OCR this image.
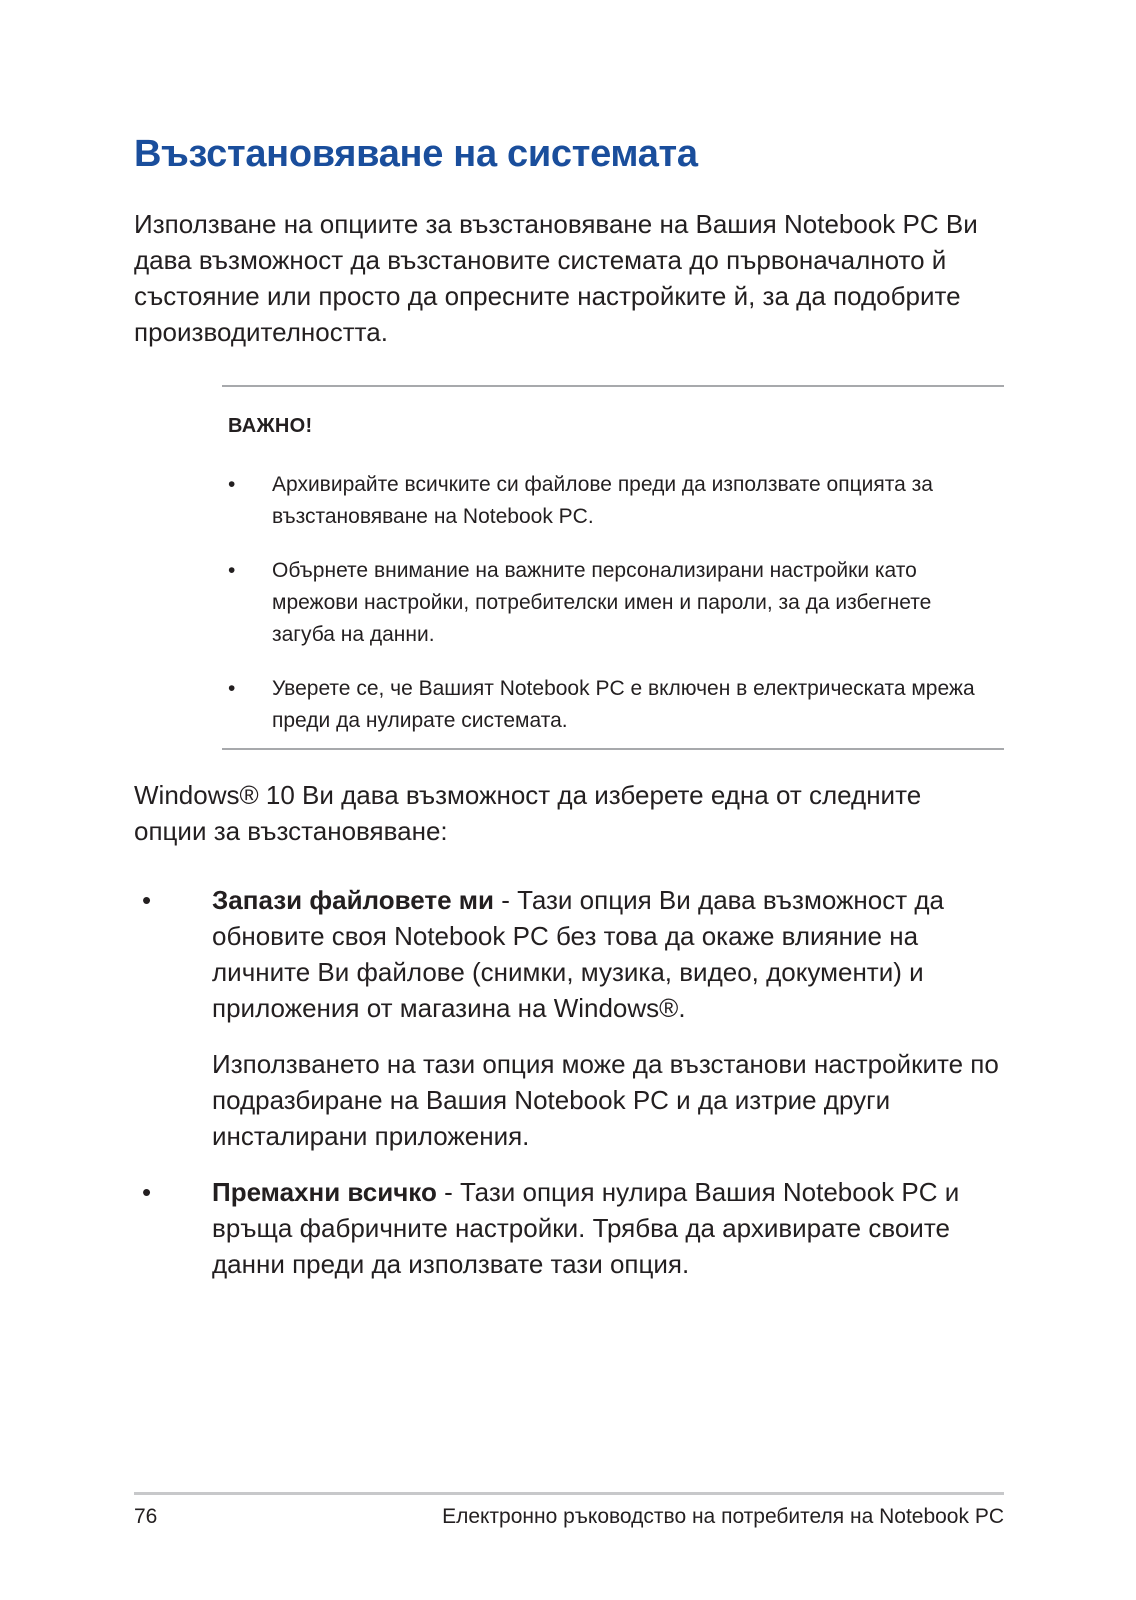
Възстановяване на системата

Използване на опциите за възстановяване на Вашия Notebook PC Ви дава възможност да възстановите системата до първоначалното й състояние или просто да опресните настройките й, за да подобрите производителността.

ВАЖНО!
• Архивирайте всичките си файлове преди да използвате опцията за възстановяване на Notebook PC.
• Обърнете внимание на важните персонализирани настройки като мрежови настройки, потребителски имен и пароли, за да избегнете загуба на данни.
• Уверете се, че Вашият Notebook PC е включен в електрическата мрежа преди да нулирате системата.

Windows® 10 Ви дава възможност да изберете една от следните опции за възстановяване:

• Запази файловете ми - Тази опция Ви дава възможност да обновите своя Notebook PC без това да окаже влияние на личните Ви файлове (снимки, музика, видео, документи) и приложения от магазина на Windows®.

Използването на тази опция може да възстанови настройките по подразбиране на Вашия Notebook PC и да изтрие други инсталирани приложения.

• Премахни всичко - Тази опция нулира Вашия Notebook PC и връща фабричните настройки. Трябва да архивирате своите данни преди да използвате тази опция.
76	Електронно ръководство на потребителя на Notebook PC
